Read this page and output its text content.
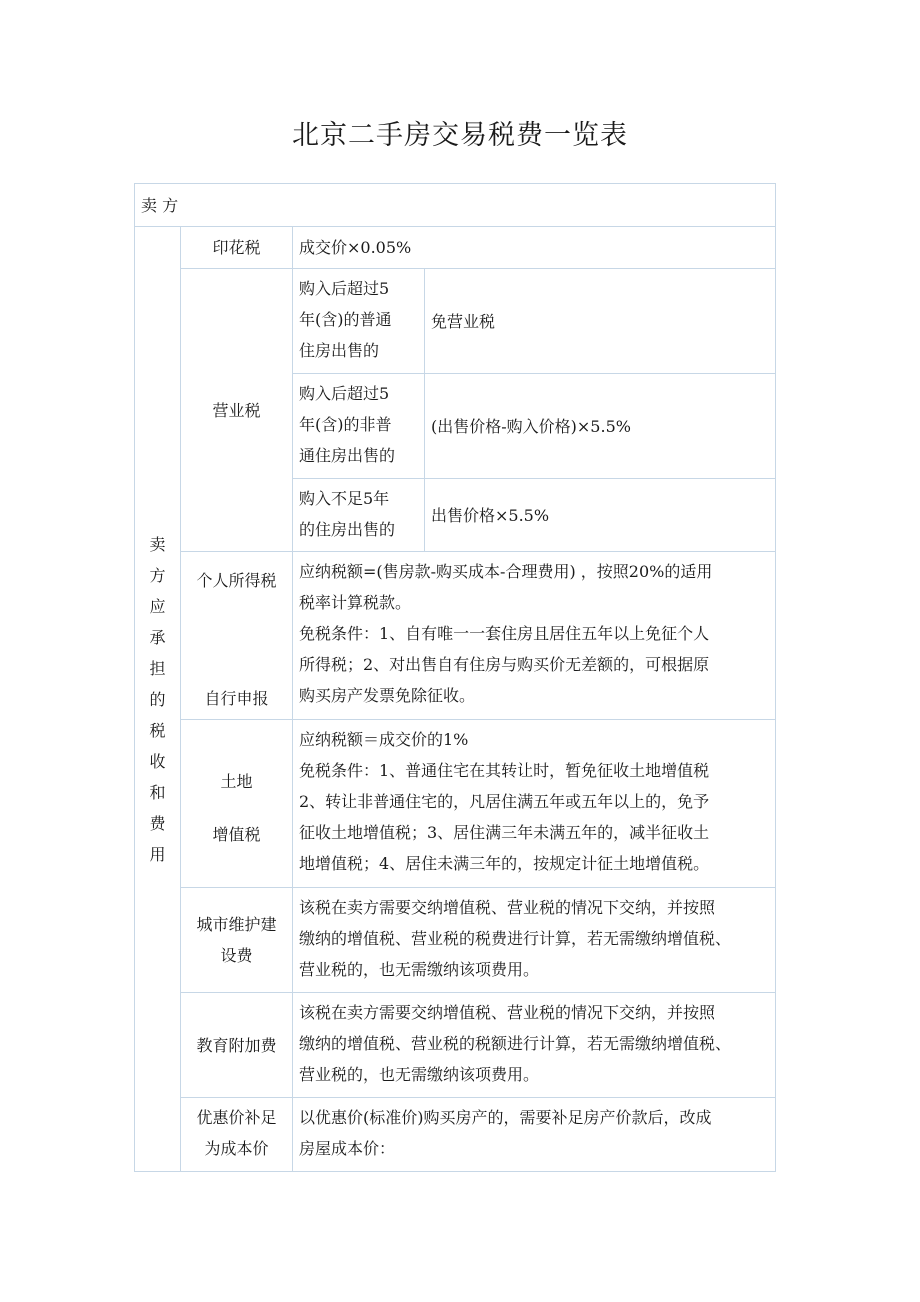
北京二手房交易税费一览表
卖 方
卖
方
应
承
担
的
税
收
和
费
用
印花税 成交价×0.05%
营业税

购入后超过5

年(含)的普通

住房出售的

免营业税

购入后超过5

年(含)的非普

通住房出售的

(出售价格-购入价格)×5.5%

购入不足5年

的住房出售的

出售价格×5.5%
个人所得税
自行申报

应纳税额=(售房款-购买成本-合理费用) ，按照20%的适用

税率计算税款。

免税条件：1、自有唯一一套住房且居住五年以上免征个人

所得税；2、对出售自有住房与购买价无差额的，可根据原

购买房产发票免除征收。

土地
增值税

应纳税额＝成交价的1%

免税条件：1、普通住宅在其转让时，暂免征收土地增值税

2、转让非普通住宅的，凡居住满五年或五年以上的，免予

征收土地增值税；3、居住满三年未满五年的，减半征收土

地增值税；4、居住未满三年的，按规定计征土地增值税。

城市维护建
设费

该税在卖方需要交纳增值税、营业税的情况下交纳，并按照

缴纳的增值税、营业税的税费进行计算，若无需缴纳增值税、

营业税的，也无需缴纳该项费用。

教育附加费

该税在卖方需要交纳增值税、营业税的情况下交纳，并按照

缴纳的增值税、营业税的税额进行计算，若无需缴纳增值税、

营业税的，也无需缴纳该项费用。

优惠价补足

为成本价

以优惠价(标准价)购买房产的，需要补足房产价款后，改成

房屋成本价：
